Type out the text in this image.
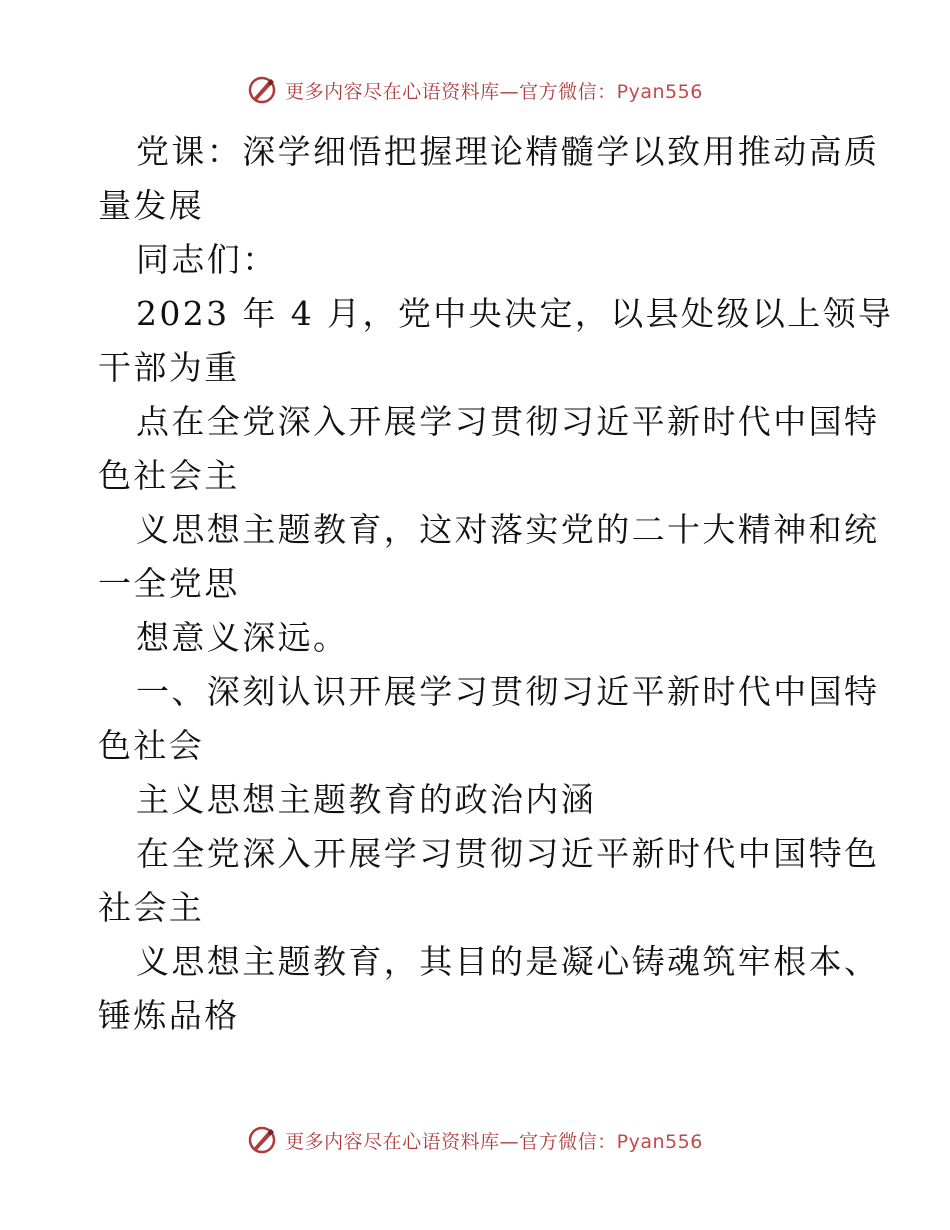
更多内容尽在心语资料库—官方微信：Pyan556
党课：深学细悟把握理论精髓学以致用推动高质
量发展
同志们：
2023 年 4 月，党中央决定，以县处级以上领导
干部为重
点在全党深入开展学习贯彻习近平新时代中国特
色社会主
义思想主题教育，这对落实党的二十大精神和统
一全党思
想意义深远。
一、深刻认识开展学习贯彻习近平新时代中国特
色社会
主义思想主题教育的政治内涵
在全党深入开展学习贯彻习近平新时代中国特色
社会主
义思想主题教育，其目的是凝心铸魂筑牢根本、
锤炼品格
更多内容尽在心语资料库—官方微信：Pyan556
